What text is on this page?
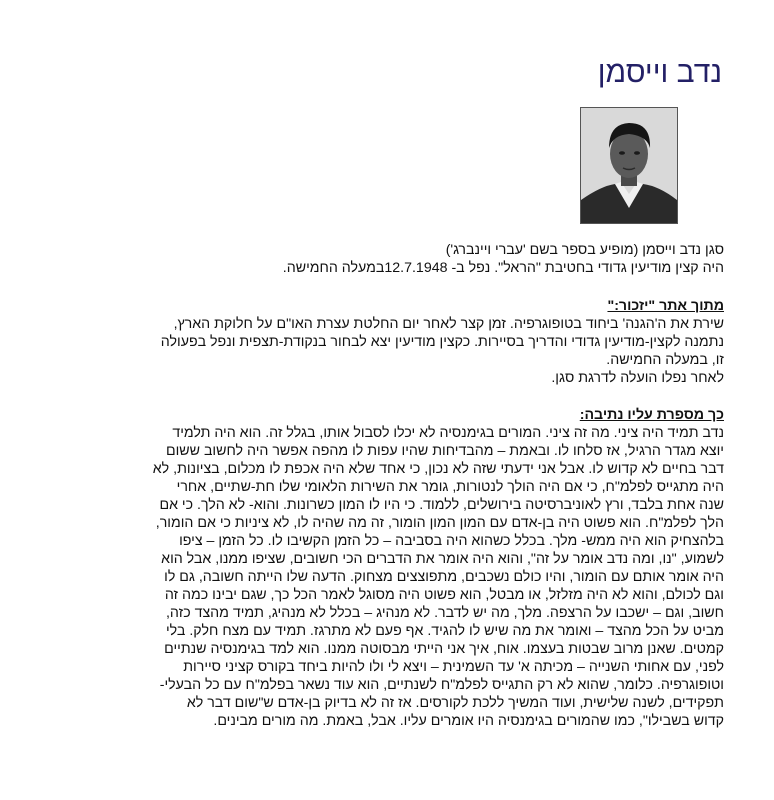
נדב וייסמן

סגן נדב וייסמן (מופיע בספר בשם 'עברי ויינברג')

היה קצין מודיעין גדודי בחטיבת "הראל". נפל ב- 12.7.1948במעלה החמישה.

מתוך אתר "יזכור:"

שירת את ה'הגנה' ביחוד בטופוגרפיה. זמן קצר לאחר יום החלטת עצרת האו"ם על חלוקת הארץ,

נתמנה לקצין-מודיעין גדודי והדריך בסיירות. כקצין מודיעין יצא לבחור בנקודת-תצפית ונפל בפעולה

זו, במעלה החמישה.

לאחר נפלו הועלה לדרגת סגן.

כך מספרת עליו נתיבה:

נדב תמיד היה ציני. מה זה ציני. המורים בגימנסיה לא יכלו לסבול אותו, בגלל זה. הוא היה תלמיד

יוצא מגדר הרגיל, אז סלחו לו. ובאמת – מהבדיחות שהיו עפות לו מהפה אפשר היה לחשוב ששום

דבר בחיים לא קדוש לו. אבל אני ידעתי שזה לא נכון, כי אחד שלא היה אכפת לו מכלום, בציונות, לא

היה מתגייס לפלמ"ח, כי אם היה הולך לנטורות, גומר את השירות הלאומי שלו חת-שתיים, אחרי

שנה אחת בלבד, ורץ לאוניברסיטה בירושלים, ללמוד. כי היו לו המון כשרונות. והוא- לא הלך. כי אם

הלך לפלמ"ח. הוא פשוט היה בן-אדם עם המון המון הומור, זה מה שהיה לו, לא ציניות כי אם הומור,

בלהצחיק הוא היה ממש- מלך. בכלל כשהוא היה בסביבה – כל הזמן הקשיבו לו. כל הזמן – ציפו

לשמוע, "נו, ומה נדב אומר על זה", והוא היה אומר את הדברים הכי חשובים, שציפו ממנו, אבל הוא

היה אומר אותם עם הומור, והיו כולם נשכבים, מתפוצצים מצחוק. הדעה שלו הייתה חשובה, גם לו

וגם לכולם, והוא לא היה מזלזל, או מבטל, הוא פשוט היה מסוגל לאמר הכל כך, שגם יבינו כמה זה

חשוב, וגם – ישכבו על הרצפה. מלך, מה יש לדבר. לא מנהיג – בכלל לא מנהיג, תמיד מהצד כזה,

מביט על הכל מהצד – ואומר את מה שיש לו להגיד. אף פעם לא מתרגז. תמיד עם מצח חלק. בלי

קמטים. שאנן מרוב שבטות בעצמו. אוח, איך אני הייתי מבסוטה ממנו. הוא למד בגימנסיה שנתיים

לפני, עם אחותי השנייה – מכיתה א' עד השמינית – ויצא לי ולו להיות ביחד בקורס קציני סיירות

וטופוגרפיה. כלומר, שהוא לא רק התגייס לפלמ"ח לשנתיים, הוא עוד נשאר בפלמ"ח עם כל הבעלי-

תפקידים, לשנה שלישית, ועוד המשיך ללכת לקורסים. אז זה לא בדיוק בן-אדם ש"שום דבר לא

קדוש בשבילו", כמו שהמורים בגימנסיה היו אומרים עליו. אבל, באמת. מה מורים מבינים.
